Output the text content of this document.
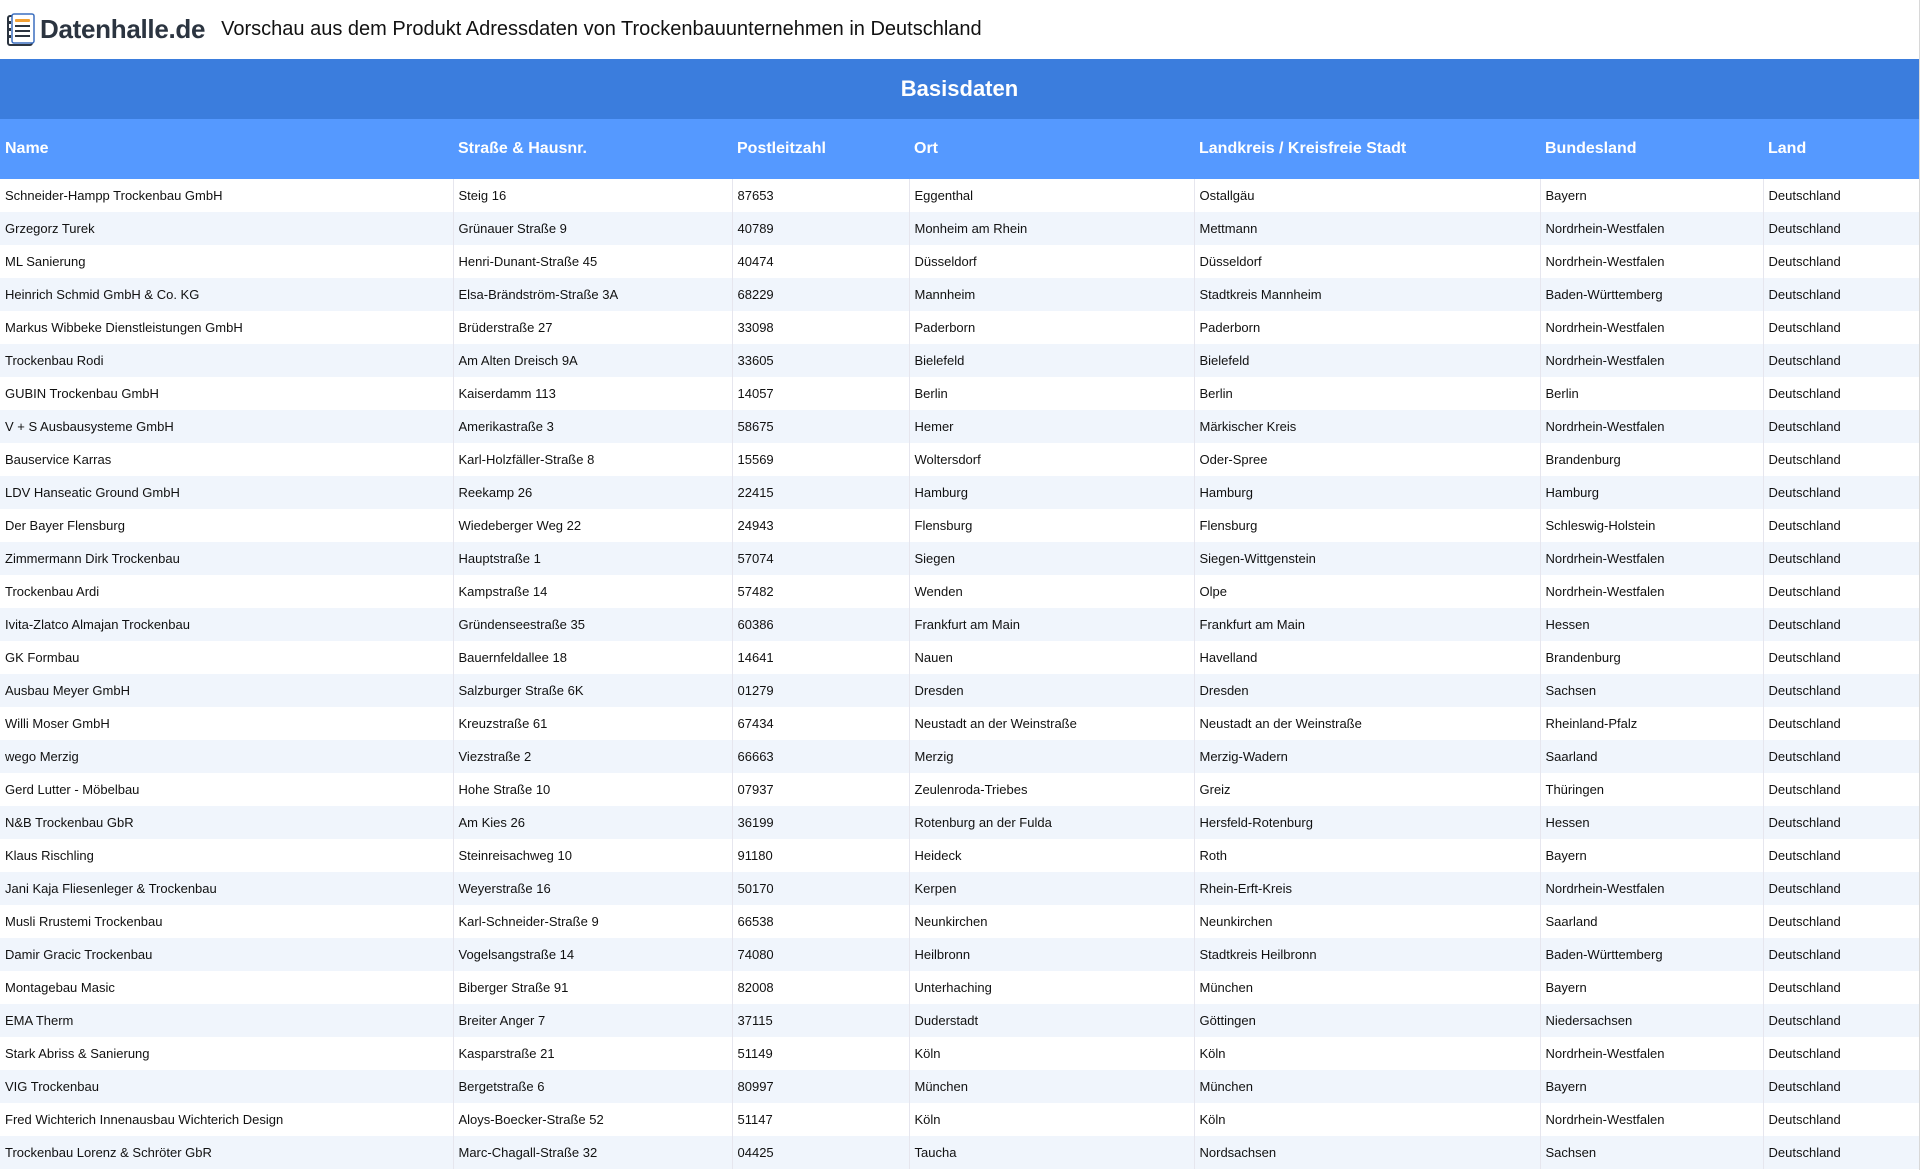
Datenhalle.de Vorschau aus dem Produkt Adressdaten von Trockenbauunternehmen in Deutschland
Basisdaten
Name	Straße & Hausnr.	Postleitzahl	Ort	Landkreis / Kreisfreie Stadt	Bundesland	Land
Schneider-Hampp Trockenbau GmbH	Steig 16	87653	Eggenthal	Ostallgäu	Bayern	Deutschland
Grzegorz Turek	Grünauer Straße 9	40789	Monheim am Rhein	Mettmann	Nordrhein-Westfalen	Deutschland
ML Sanierung	Henri-Dunant-Straße 45	40474	Düsseldorf	Düsseldorf	Nordrhein-Westfalen	Deutschland
Heinrich Schmid GmbH & Co. KG	Elsa-Brändström-Straße 3A	68229	Mannheim	Stadtkreis Mannheim	Baden-Württemberg	Deutschland
Markus Wibbeke Dienstleistungen GmbH	Brüderstraße 27	33098	Paderborn	Paderborn	Nordrhein-Westfalen	Deutschland
Trockenbau Rodi	Am Alten Dreisch 9A	33605	Bielefeld	Bielefeld	Nordrhein-Westfalen	Deutschland
GUBIN Trockenbau GmbH	Kaiserdamm 113	14057	Berlin	Berlin	Berlin	Deutschland
V + S Ausbausysteme GmbH	Amerikastraße 3	58675	Hemer	Märkischer Kreis	Nordrhein-Westfalen	Deutschland
Bauservice Karras	Karl-Holzfäller-Straße 8	15569	Woltersdorf	Oder-Spree	Brandenburg	Deutschland
LDV Hanseatic Ground GmbH	Reekamp 26	22415	Hamburg	Hamburg	Hamburg	Deutschland
Der Bayer Flensburg	Wiedeberger Weg 22	24943	Flensburg	Flensburg	Schleswig-Holstein	Deutschland
Zimmermann Dirk Trockenbau	Hauptstraße 1	57074	Siegen	Siegen-Wittgenstein	Nordrhein-Westfalen	Deutschland
Trockenbau Ardi	Kampstraße 14	57482	Wenden	Olpe	Nordrhein-Westfalen	Deutschland
Ivita-Zlatco Almajan Trockenbau	Gründenseestraße 35	60386	Frankfurt am Main	Frankfurt am Main	Hessen	Deutschland
GK Formbau	Bauernfeldallee 18	14641	Nauen	Havelland	Brandenburg	Deutschland
Ausbau Meyer GmbH	Salzburger Straße 6K	01279	Dresden	Dresden	Sachsen	Deutschland
Willi Moser GmbH	Kreuzstraße 61	67434	Neustadt an der Weinstraße	Neustadt an der Weinstraße	Rheinland-Pfalz	Deutschland
wego Merzig	Viezstraße 2	66663	Merzig	Merzig-Wadern	Saarland	Deutschland
Gerd Lutter - Möbelbau	Hohe Straße 10	07937	Zeulenroda-Triebes	Greiz	Thüringen	Deutschland
N&B Trockenbau GbR	Am Kies 26	36199	Rotenburg an der Fulda	Hersfeld-Rotenburg	Hessen	Deutschland
Klaus Rischling	Steinreisachweg 10	91180	Heideck	Roth	Bayern	Deutschland
Jani Kaja Fliesenleger & Trockenbau	Weyerstraße 16	50170	Kerpen	Rhein-Erft-Kreis	Nordrhein-Westfalen	Deutschland
Musli Rrustemi Trockenbau	Karl-Schneider-Straße 9	66538	Neunkirchen	Neunkirchen	Saarland	Deutschland
Damir Gracic Trockenbau	Vogelsangstraße 14	74080	Heilbronn	Stadtkreis Heilbronn	Baden-Württemberg	Deutschland
Montagebau Masic	Biberger Straße 91	82008	Unterhaching	München	Bayern	Deutschland
EMA Therm	Breiter Anger 7	37115	Duderstadt	Göttingen	Niedersachsen	Deutschland
Stark Abriss & Sanierung	Kasparstraße 21	51149	Köln	Köln	Nordrhein-Westfalen	Deutschland
VIG Trockenbau	Bergetstraße 6	80997	München	München	Bayern	Deutschland
Fred Wichterich Innenausbau Wichterich Design	Aloys-Boecker-Straße 52	51147	Köln	Köln	Nordrhein-Westfalen	Deutschland
Trockenbau Lorenz & Schröter GbR	Marc-Chagall-Straße 32	04425	Taucha	Nordsachsen	Sachsen	Deutschland
